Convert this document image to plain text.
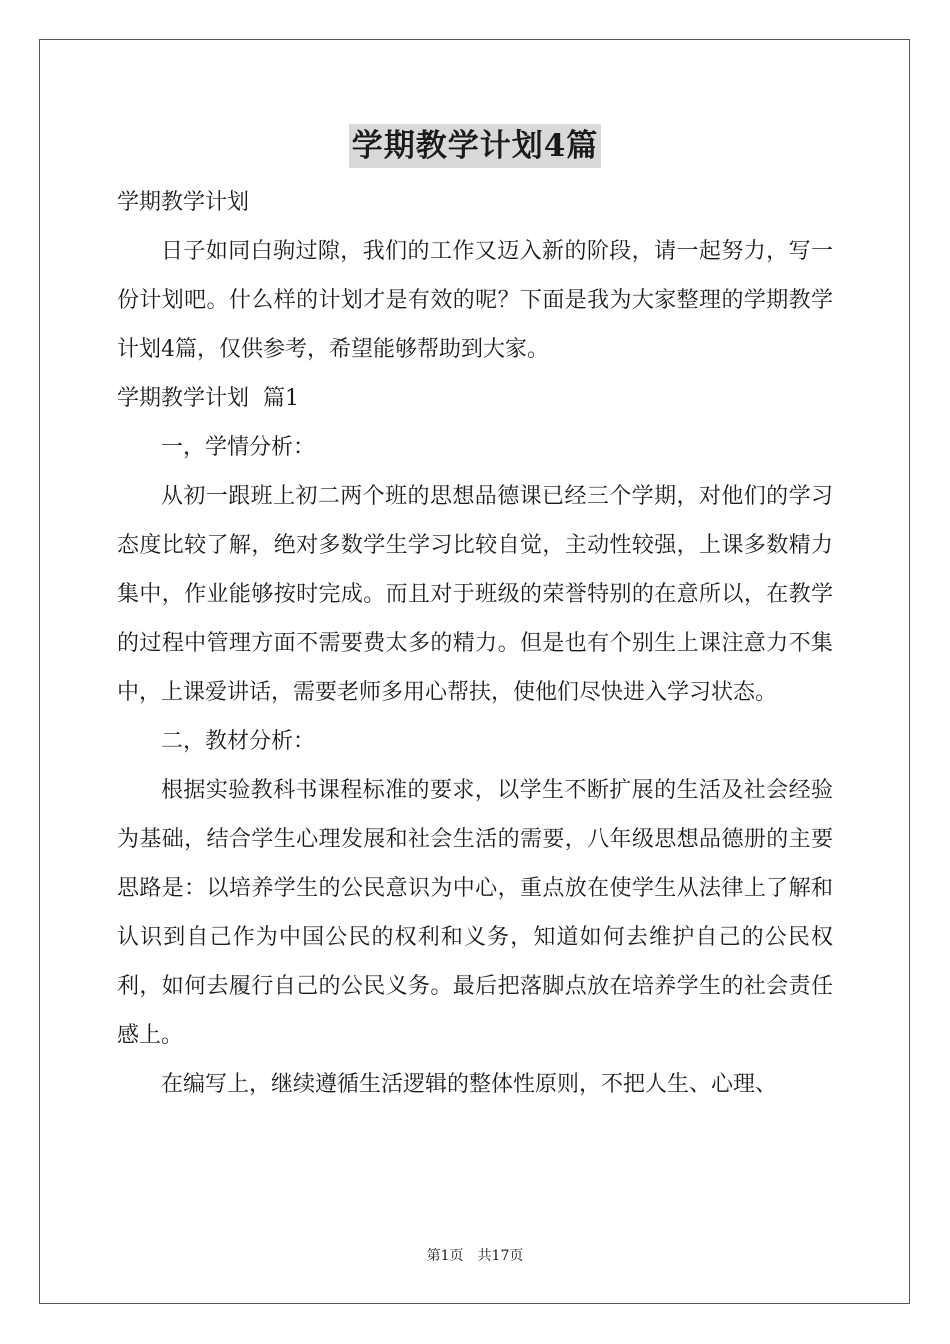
学期教学计划4篇

学期教学计划

日子如同白驹过隙，我们的工作又迈入新的阶段，请一起努力，写一份计划吧。什么样的计划才是有效的呢？下面是我为大家整理的学期教学计划4篇，仅供参考，希望能够帮助到大家。

学期教学计划  篇1

一，学情分析：

从初一跟班上初二两个班的思想品德课已经三个学期，对他们的学习态度比较了解，绝对多数学生学习比较自觉，主动性较强，上课多数精力集中，作业能够按时完成。而且对于班级的荣誉特别的在意所以，在教学的过程中管理方面不需要费太多的精力。但是也有个别生上课注意力不集中，上课爱讲话，需要老师多用心帮扶，使他们尽快进入学习状态。

二，教材分析：

根据实验教科书课程标准的要求，以学生不断扩展的生活及社会经验为基础，结合学生心理发展和社会生活的需要，八年级思想品德册的主要思路是：以培养学生的公民意识为中心，重点放在使学生从法律上了解和认识到自己作为中国公民的权利和义务，知道如何去维护自己的公民权利，如何去履行自己的公民义务。最后把落脚点放在培养学生的社会责任感上。

在编写上，继续遵循生活逻辑的整体性原则，不把人生、心理、

第1页 共17页
